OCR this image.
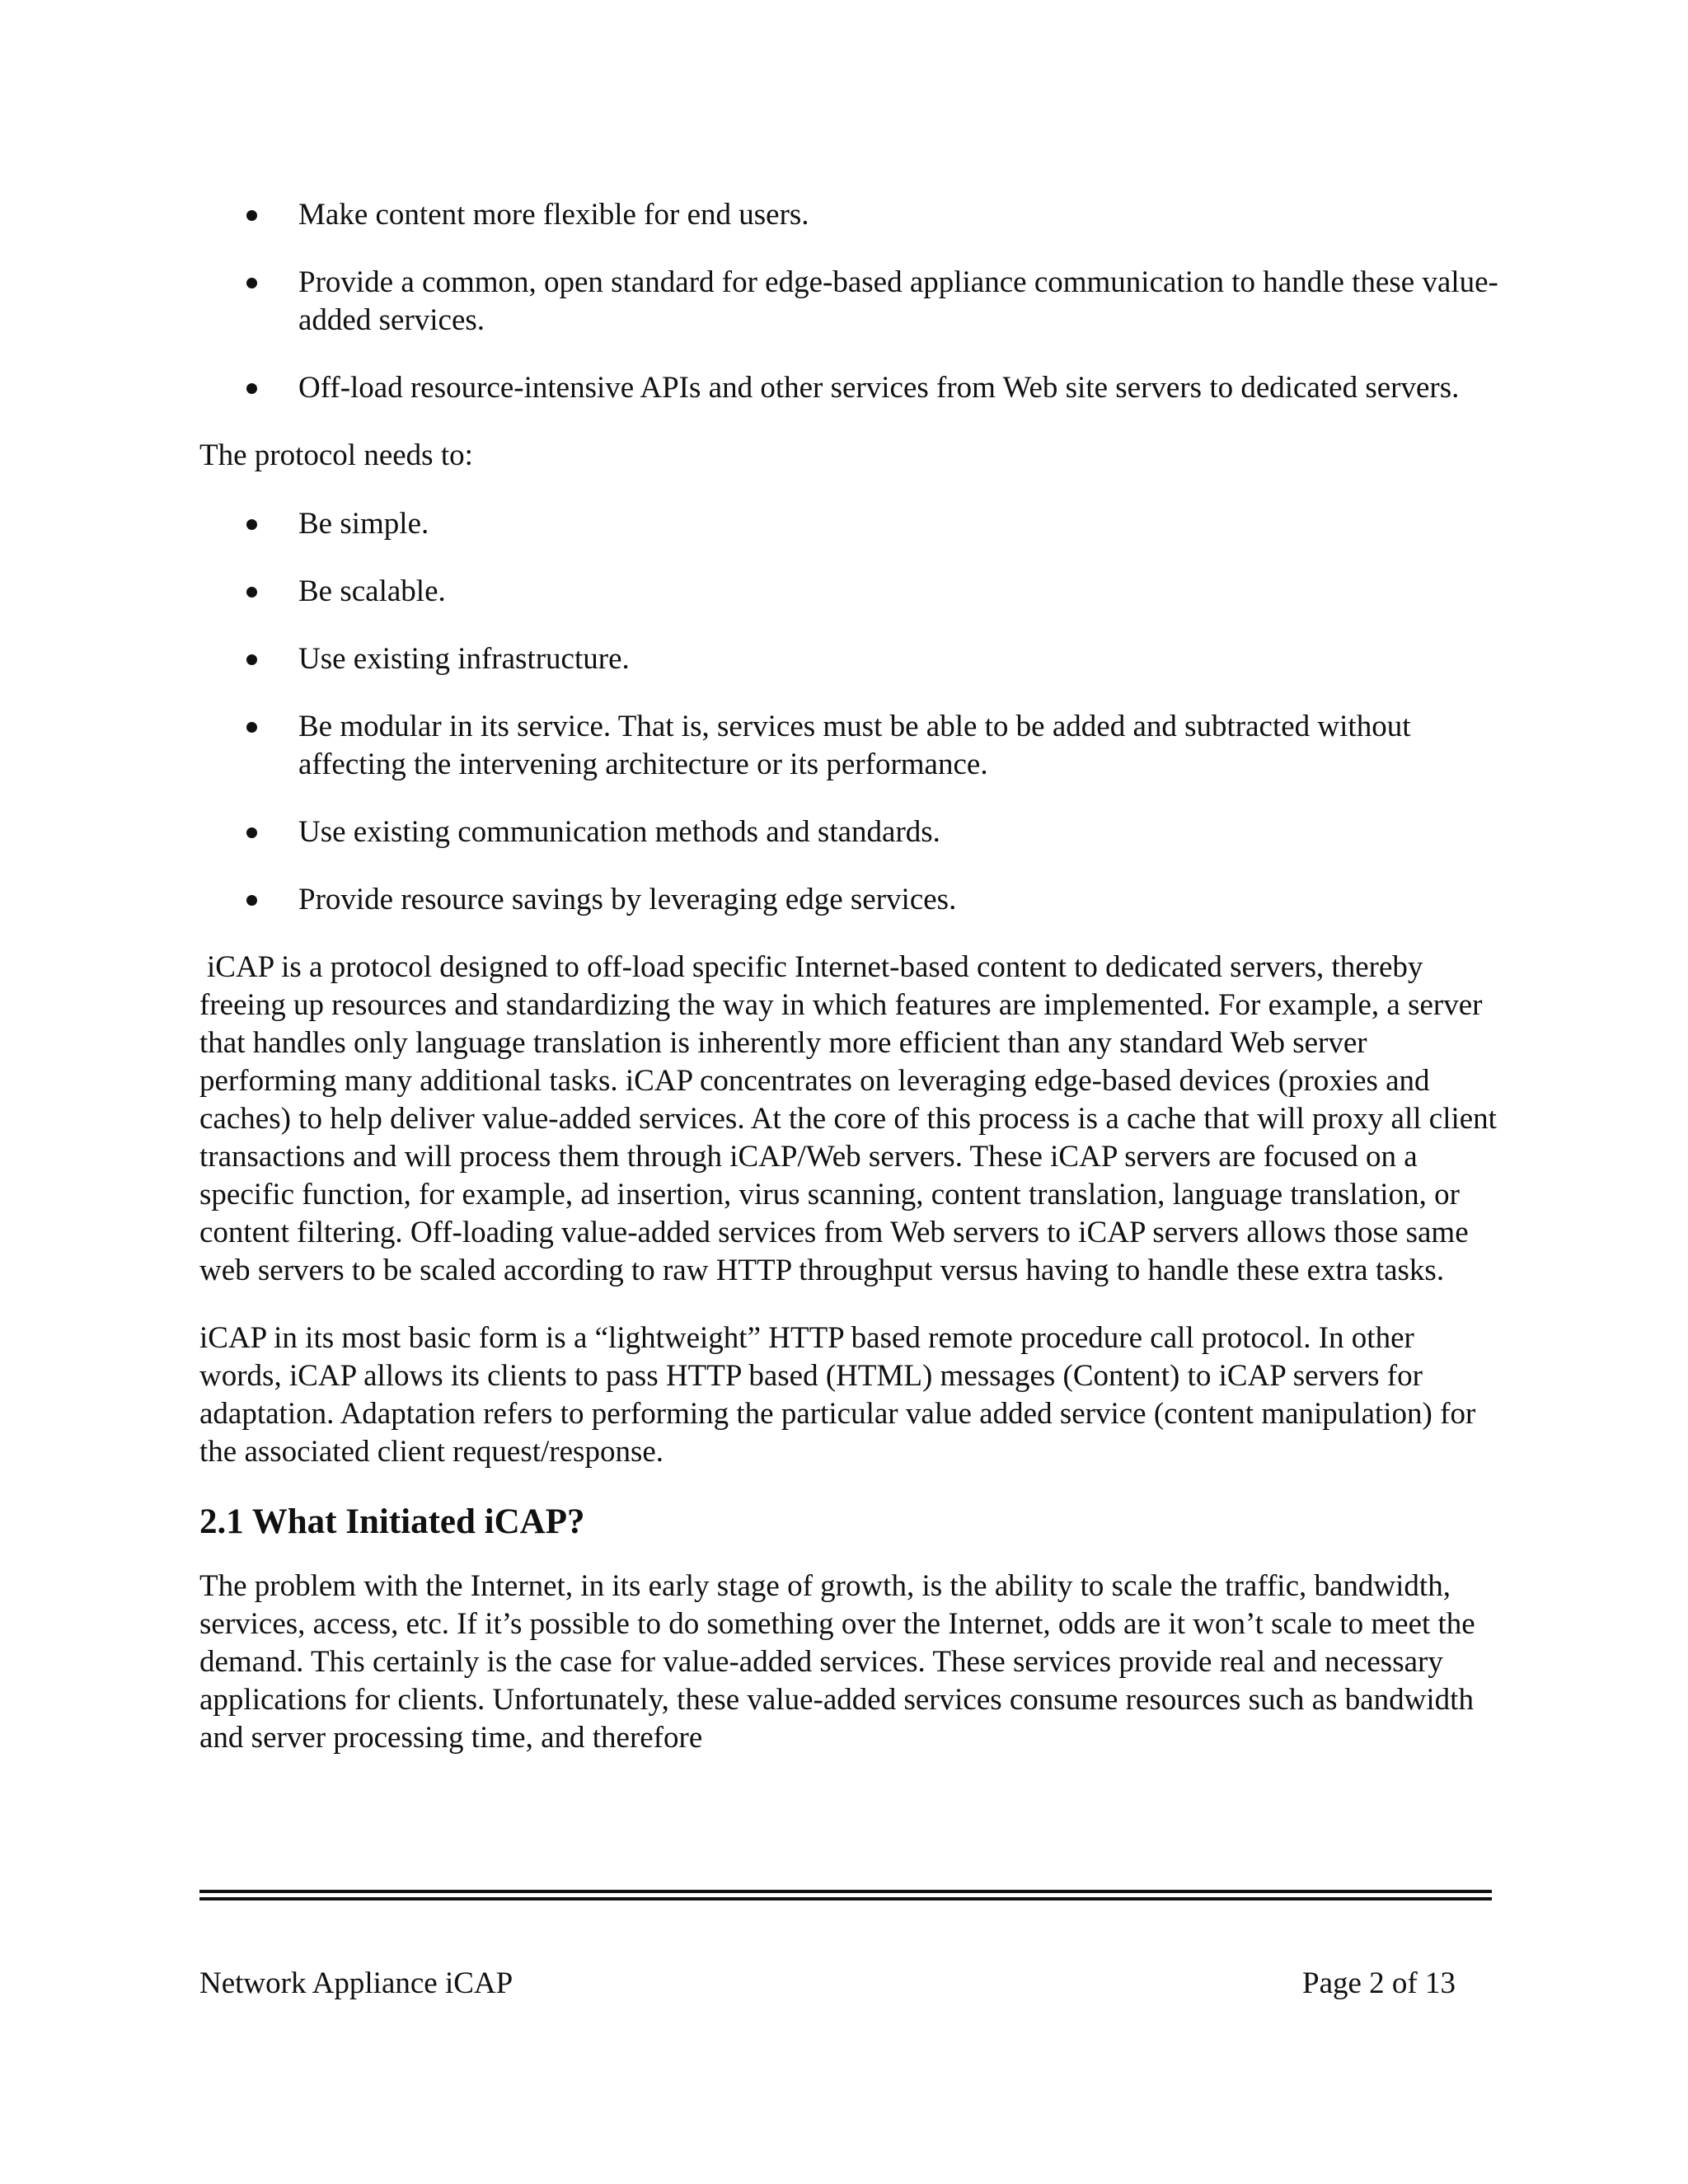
Make content more flexible for end users.
Provide a common, open standard for edge-based appliance communication to handle these value-added services.
Off-load resource-intensive APIs and other services from Web site servers to dedicated servers.

The protocol needs to:

Be simple.
Be scalable.
Use existing infrastructure.
Be modular in its service. That is, services must be able to be added and subtracted without affecting the intervening architecture or its performance.
Use existing communication methods and standards.
Provide resource savings by leveraging edge services.

iCAP is a protocol designed to off-load specific Internet-based content to dedicated servers, thereby freeing up resources and standardizing the way in which features are implemented. For example, a server that handles only language translation is inherently more efficient than any standard Web server performing many additional tasks. iCAP concentrates on leveraging edge-based devices (proxies and caches) to help deliver value-added services. At the core of this process is a cache that will proxy all client transactions and will process them through iCAP/Web servers. These iCAP servers are focused on a specific function, for example, ad insertion, virus scanning, content translation, language translation, or content filtering. Off-loading value-added services from Web servers to iCAP servers allows those same web servers to be scaled according to raw HTTP throughput versus having to handle these extra tasks.

iCAP in its most basic form is a “lightweight” HTTP based remote procedure call protocol. In other words, iCAP allows its clients to pass HTTP based (HTML) messages (Content) to iCAP servers for adaptation. Adaptation refers to performing the particular value added service (content manipulation) for the associated client request/response.

2.1 What Initiated iCAP?

The problem with the Internet, in its early stage of growth, is the ability to scale the traffic, bandwidth, services, access, etc. If it’s possible to do something over the Internet, odds are it won’t scale to meet the demand. This certainly is the case for value-added services. These services provide real and necessary applications for clients. Unfortunately, these value-added services consume resources such as bandwidth and server processing time, and therefore

Network Appliance iCAP	Page 2 of 13
